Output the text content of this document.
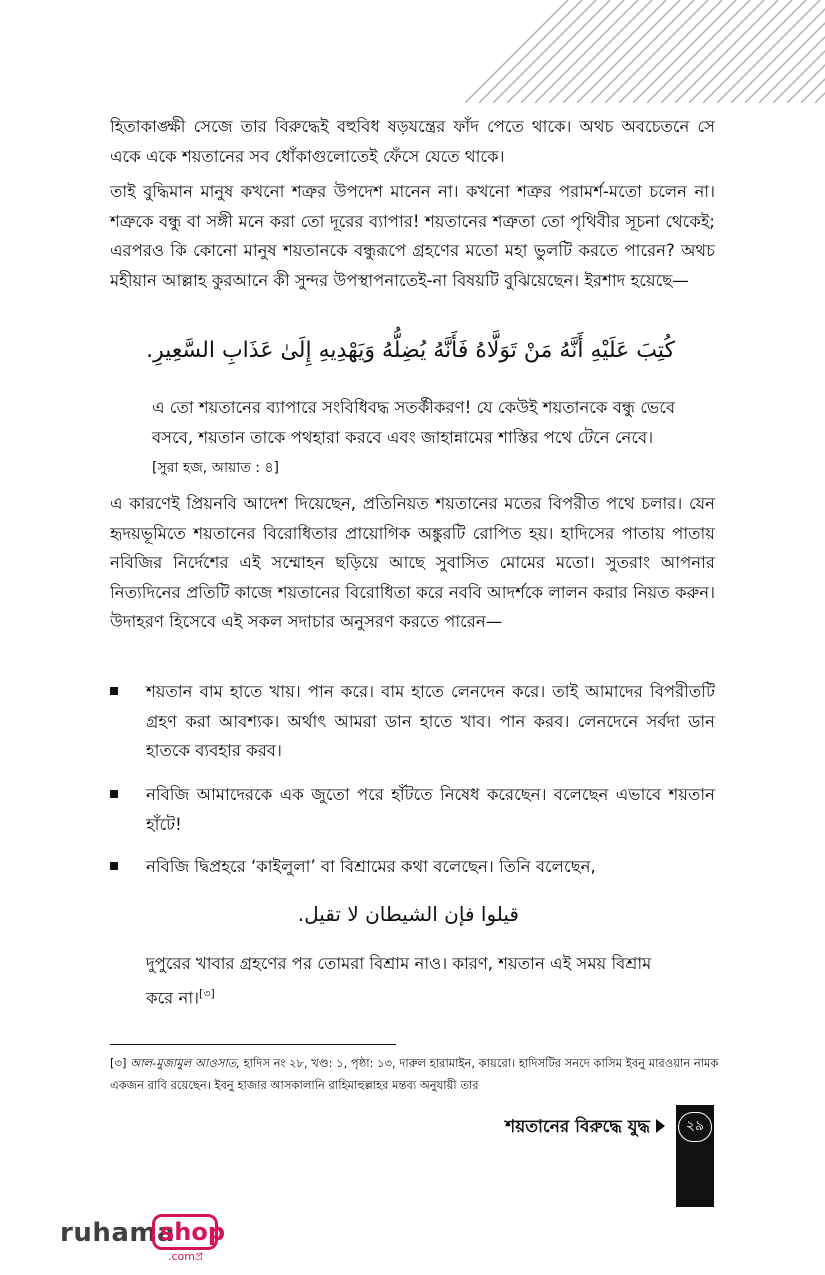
হিতাকাঙ্ক্ষী সেজে তার বিরুদ্ধেই বহুবিধ ষড়যন্ত্রের ফাঁদ পেতে থাকে। অথচ অবচেতনে সে একে একে শয়তানের সব ধোঁকাগুলোতেই ফেঁসে যেতে থাকে।

তাই বুদ্ধিমান মানুষ কখনো শত্রুর উপদেশ মানেন না। কখনো শত্রুর পরামর্শ-মতো চলেন না। শত্রুকে বন্ধু বা সঙ্গী মনে করা তো দূরের ব্যাপার! শয়তানের শত্রুতা তো পৃথিবীর সূচনা থেকেই; এরপরও কি কোনো মানুষ শয়তানকে বন্ধুরূপে গ্রহণের মতো মহা ভুলটি করতে পারেন? অথচ মহীয়ান আল্লাহ কুরআনে কী সুন্দর উপস্থাপনাতেই-না বিষয়টি বুঝিয়েছেন। ইরশাদ হয়েছে—

كُتِبَ عَلَيْهِ أَنَّهُ مَنْ تَوَلَّاهُ فَأَنَّهُ يُضِلُّهُ وَيَهْدِيهِ إِلَىٰ عَذَابِ السَّعِيرِ.

এ তো শয়তানের ব্যাপারে সংবিধিবদ্ধ সতর্কীকরণ! যে কেউই শয়তানকে বন্ধু ভেবে বসবে, শয়তান তাকে পথহারা করবে এবং জাহান্নামের শাস্তির পথে টেনে নেবে। [সুরা হজ, আয়াত : ৪]

এ কারণেই প্রিয়নবি আদেশ দিয়েছেন, প্রতিনিয়ত শয়তানের মতের বিপরীত পথে চলার। যেন হৃদয়ভূমিতে শয়তানের বিরোধিতার প্রায়োগিক অঙ্কুরটি রোপিত হয়। হাদিসের পাতায় পাতায় নবিজির নির্দেশের এই সম্মোহন ছড়িয়ে আছে সুবাসিত মোমের মতো। সুতরাং আপনার নিত্যদিনের প্রতিটি কাজে শয়তানের বিরোধিতা করে নববি আদর্শকে লালন করার নিয়ত করুন। উদাহরণ হিসেবে এই সকল সদাচার অনুসরণ করতে পারেন—

শয়তান বাম হাতে খায়। পান করে। বাম হাতে লেনদেন করে। তাই আমাদের বিপরীতটি গ্রহণ করা আবশ্যক। অর্থাৎ আমরা ডান হাতে খাব। পান করব। লেনদেনে সর্বদা ডান হাতকে ব্যবহার করব।
নবিজি আমাদেরকে এক জুতো পরে হাঁটতে নিষেধ করেছেন। বলেছেন এভাবে শয়তান হাঁটে!
নবিজি দ্বিপ্রহরে ‘কাইলুলা’ বা বিশ্রামের কথা বলেছেন। তিনি বলেছেন,

قيلوا فإن الشيطان لا تقيل.

দুপুরের খাবার গ্রহণের পর তোমরা বিশ্রাম নাও। কারণ, শয়তান এই সময় বিশ্রাম করে না।[৩]

[৩] আল-মুজামুল আওসাত, হাদিস নং ২৮, খণ্ড: ১, পৃষ্ঠা: ১৩, দারুল হারামাইন, কায়রো। হাদিসটির সনদে কাসিম ইবনু মারওয়ান নামক একজন রাবি রয়েছেন। ইবনু হাজার আসকালানি রাহিমাহুল্লাহর মন্তব্য অনুযায়ী তার

শয়তানের বিরুদ্ধে যুদ্ধ	২৯
ruhama
shop
.comপ্র
